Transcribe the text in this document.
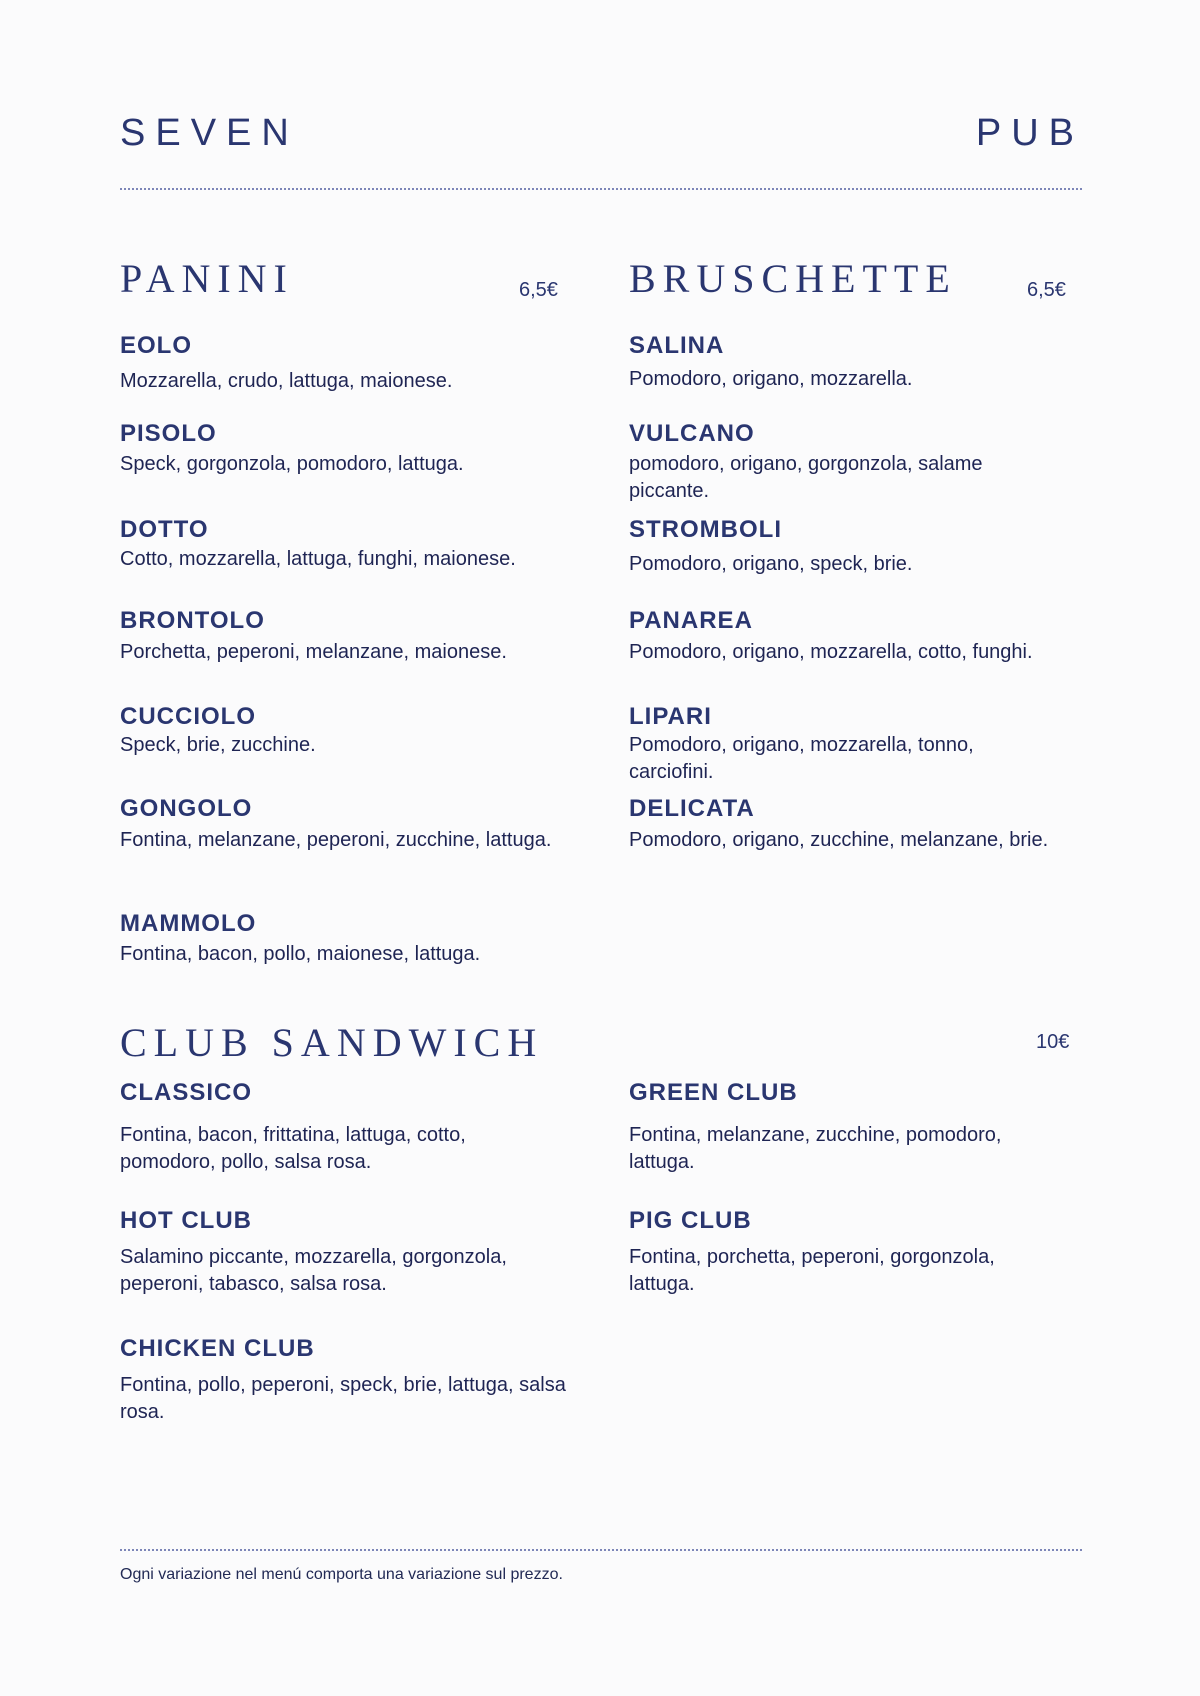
SEVEN	PUB
PANINI	6,5€
EOLO
Mozzarella, crudo, lattuga, maionese.
PISOLO
Speck, gorgonzola, pomodoro, lattuga.
DOTTO
Cotto, mozzarella, lattuga, funghi, maionese.
BRONTOLO
Porchetta, peperoni, melanzane, maionese.
CUCCIOLO
Speck, brie, zucchine.
GONGOLO
Fontina, melanzane, peperoni, zucchine, lattuga.
MAMMOLO
Fontina, bacon, pollo, maionese, lattuga.
BRUSCHETTE	6,5€
SALINA
Pomodoro, origano, mozzarella.
VULCANO
pomodoro, origano, gorgonzola, salame piccante.
STROMBOLI
Pomodoro, origano, speck, brie.
PANAREA
Pomodoro, origano, mozzarella, cotto, funghi.
LIPARI
Pomodoro, origano, mozzarella, tonno, carciofini.
DELICATA
Pomodoro, origano, zucchine, melanzane, brie.
CLUB SANDWICH	10€
CLASSICO
Fontina, bacon, frittatina, lattuga, cotto, pomodoro, pollo, salsa rosa.
GREEN CLUB
Fontina, melanzane, zucchine, pomodoro, lattuga.
HOT CLUB
Salamino piccante, mozzarella, gorgonzola, peperoni, tabasco, salsa rosa.
PIG CLUB
Fontina, porchetta, peperoni, gorgonzola, lattuga.
CHICKEN CLUB
Fontina, pollo, peperoni, speck, brie, lattuga, salsa rosa.
Ogni variazione nel menú comporta una variazione sul prezzo.
